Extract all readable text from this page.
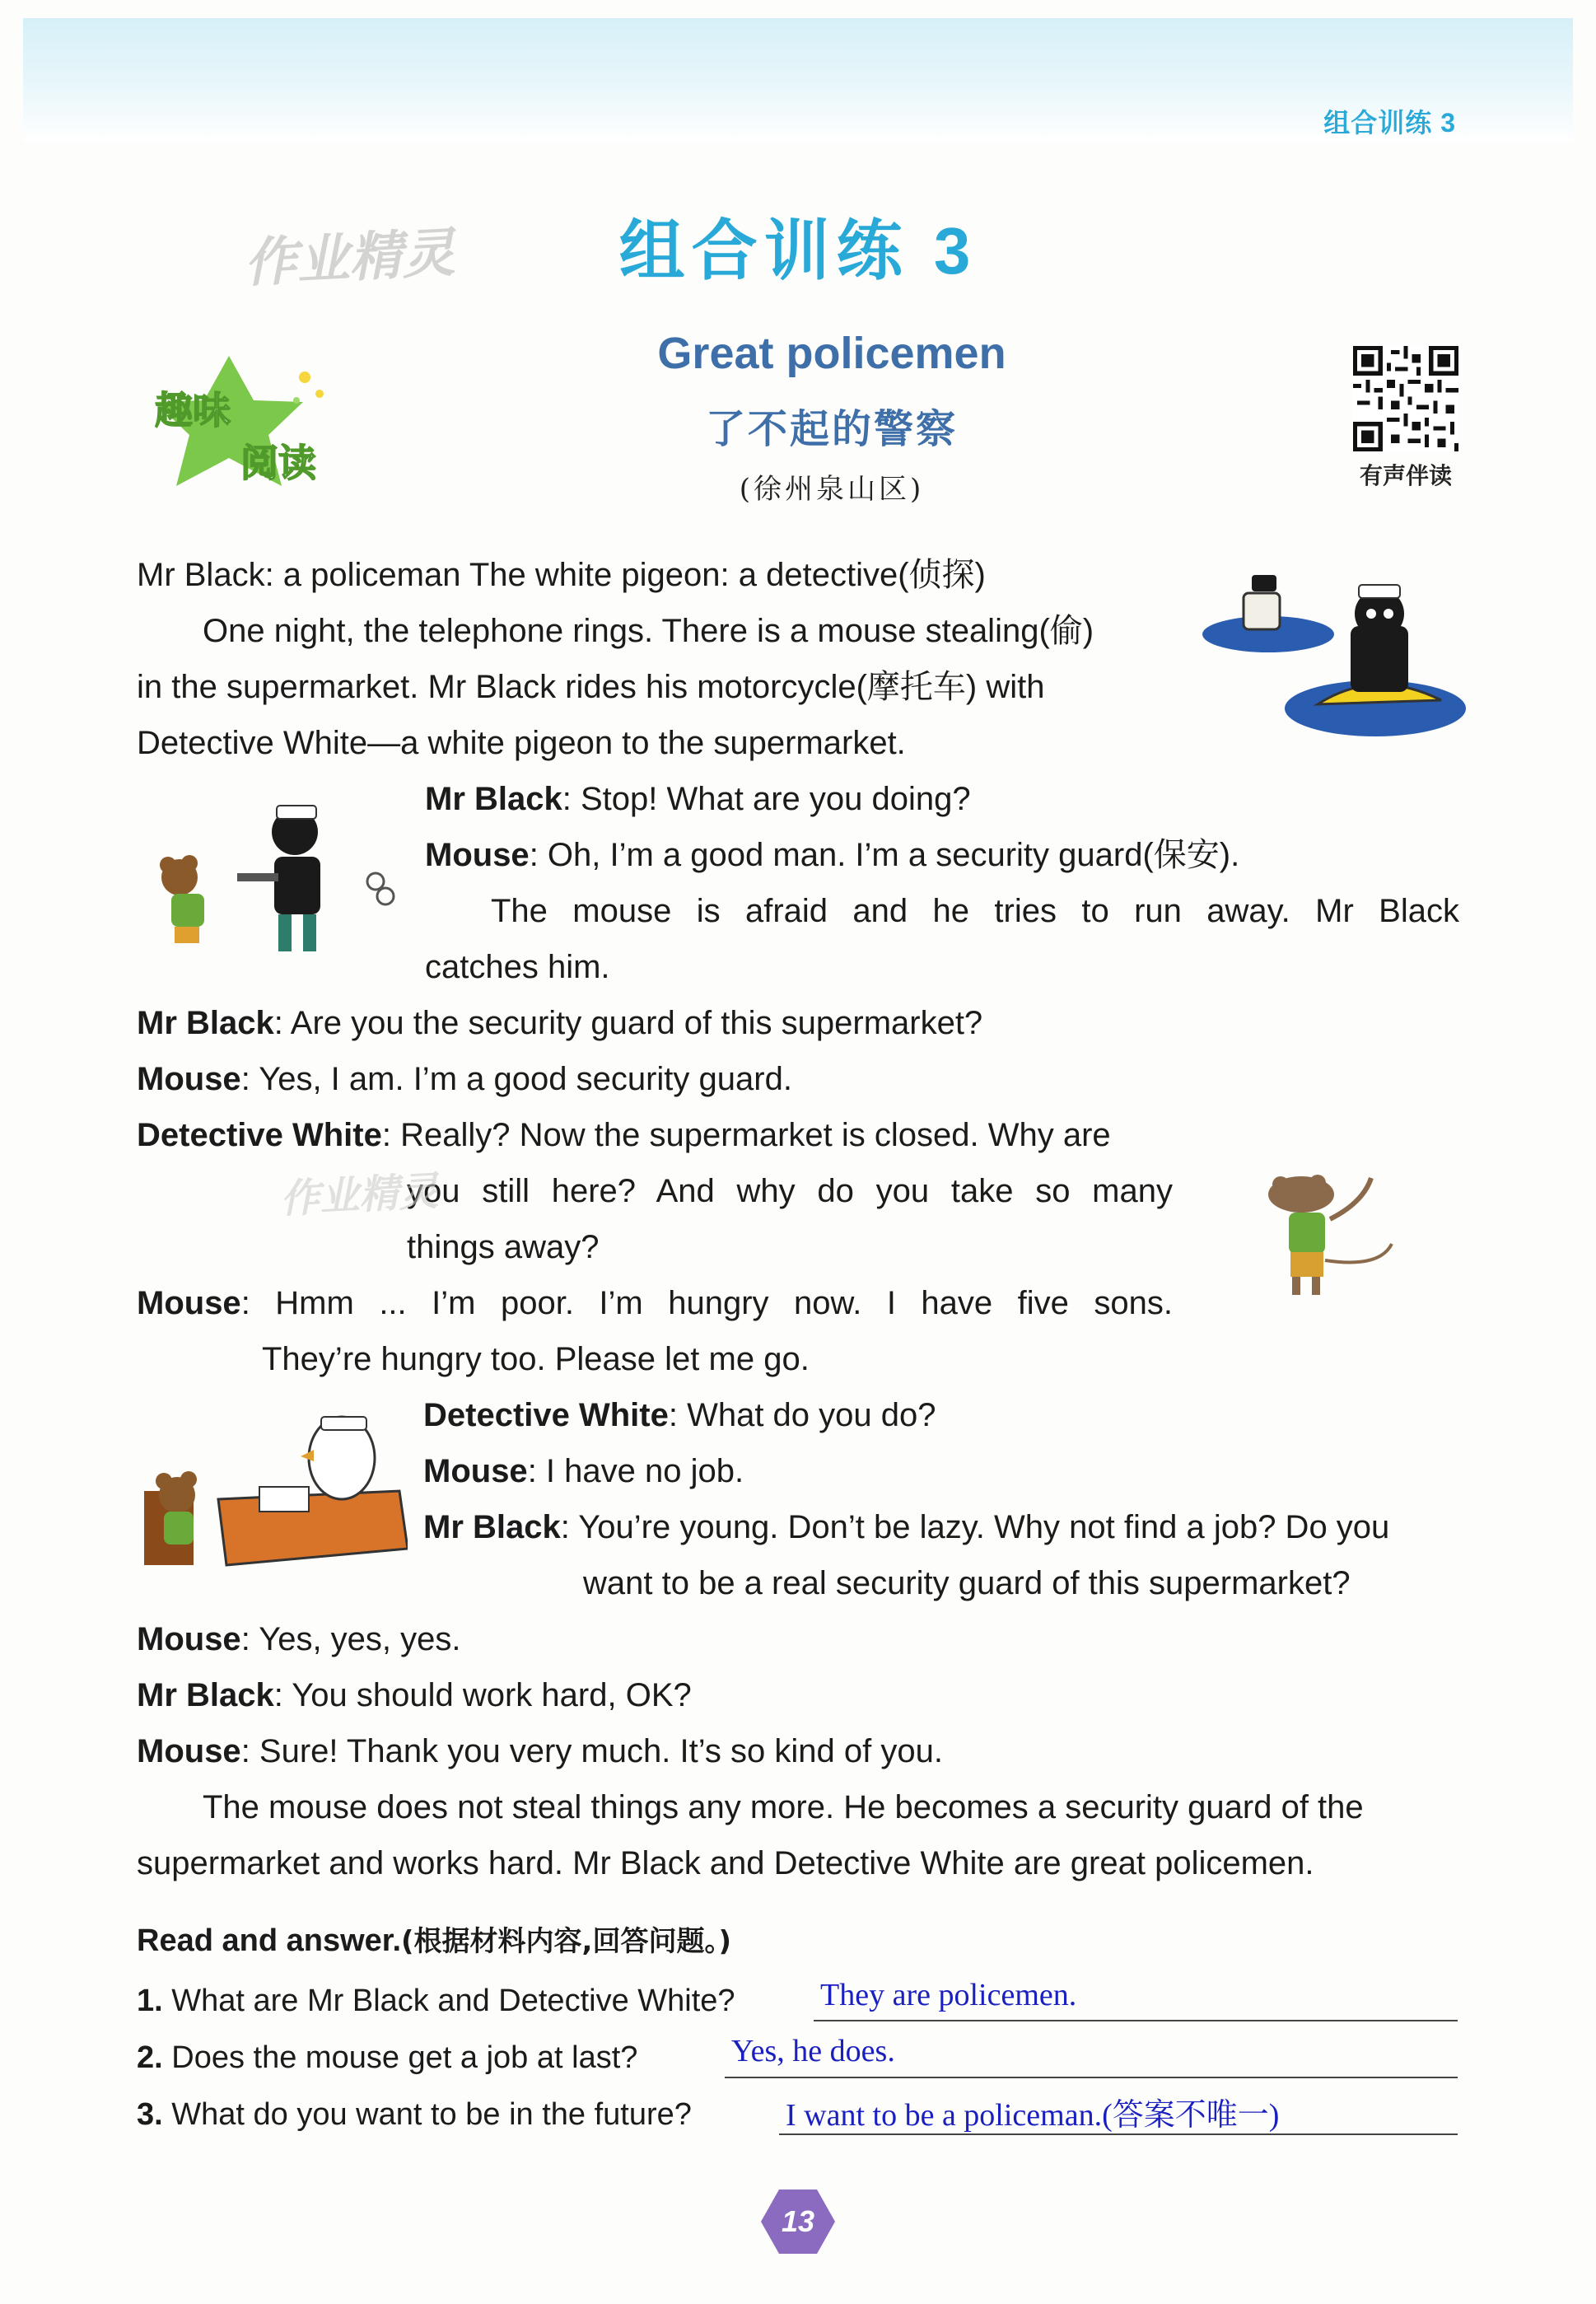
组合训练 3
作业精灵	组合训练 3
趣味
阅读
Great policemen
了不起的警察
(徐州泉山区)	有声伴读
Mr Black: a policeman The white pigeon: a detective(侦探)
One night, the telephone rings. There is a mouse stealing(偷)
in the supermarket. Mr Black rides his motorcycle(摩托车) with
Detective White—a white pigeon to the supermarket.
Mr Black: Stop! What are you doing?
Mouse: Oh, I’m a good man. I’m a security guard(保安).
The mouse is afraid and he tries to run away. Mr Black
catches him.
Mr Black: Are you the security guard of this supermarket?
Mouse: Yes, I am. I’m a good security guard.
Detective White: Really? Now the supermarket is closed. Why are
you still here? And why do you take so many
作业精灵
things away?
Mouse : Hmm ... I’m poor. I’m hungry now. I have five sons.
They’re hungry too. Please let me go.
Detective White: What do you do?
Mouse: I have no job.
Mr Black: You’re young. Don’t be lazy. Why not find a job? Do you
want to be a real security guard of this supermarket?
Mouse: Yes, yes, yes.
Mr Black: You should work hard, OK?
Mouse: Sure! Thank you very much. It’s so kind of you.
The mouse does not steal things any more. He becomes a security guard of the
supermarket and works hard. Mr Black and Detective White are great policemen.
Read and answer.(根据材料内容,回答问题。)
1. What are Mr Black and Detective White?	They are policemen.
2. Does the mouse get a job at last?	Yes, he does.
3. What do you want to be in the future?	I want to be a policeman.(答案不唯一)
13
